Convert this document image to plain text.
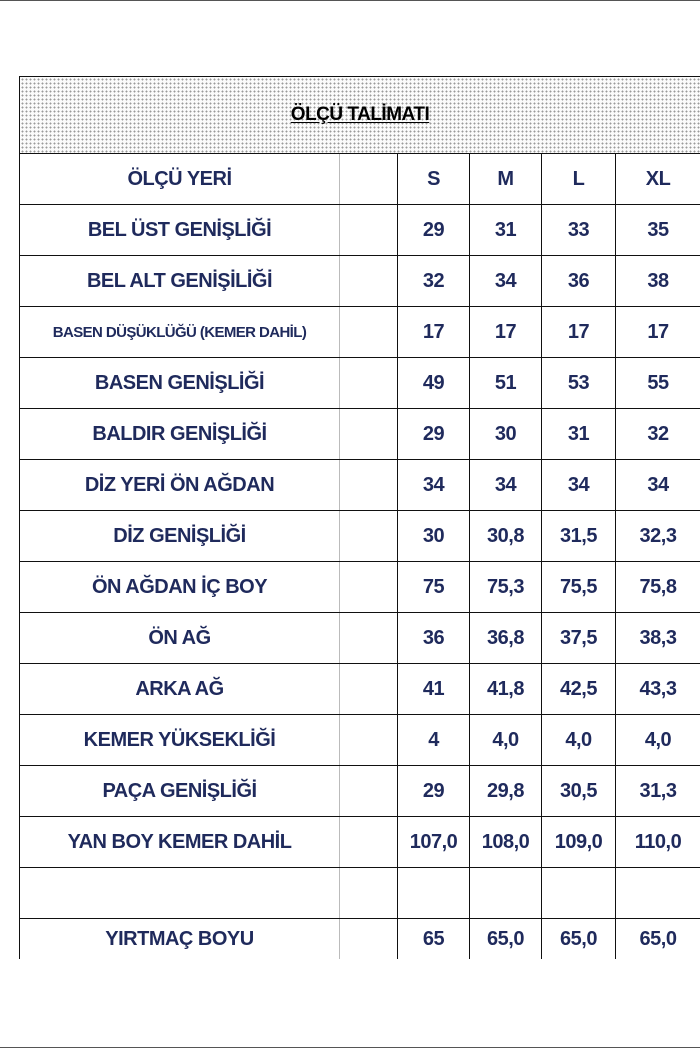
ÖLÇÜ TALİMATI					
ÖLÇÜ YERİ		S	M	L	XL
BEL ÜST GENİŞLİĞİ		29	31	33	35
BEL ALT GENİŞİLİĞİ		32	34	36	38
BASEN DÜŞÜKLÜĞÜ (KEMER DAHİL)		17	17	17	17
BASEN GENİŞLİĞİ		49	51	53	55
BALDIR GENİŞLİĞİ		29	30	31	32
DİZ YERİ ÖN AĞDAN		34	34	34	34
DİZ GENİŞLİĞİ		30	30,8	31,5	32,3
ÖN AĞDAN İÇ BOY		75	75,3	75,5	75,8
ÖN AĞ		36	36,8	37,5	38,3
ARKA AĞ		41	41,8	42,5	43,3
KEMER YÜKSEKLİĞİ		4	4,0	4,0	4,0
PAÇA GENİŞLİĞİ		29	29,8	30,5	31,3
YAN BOY KEMER DAHİL		107,0	108,0	109,0	110,0

YIRTMAÇ BOYU		65	65,0	65,0	65,0
